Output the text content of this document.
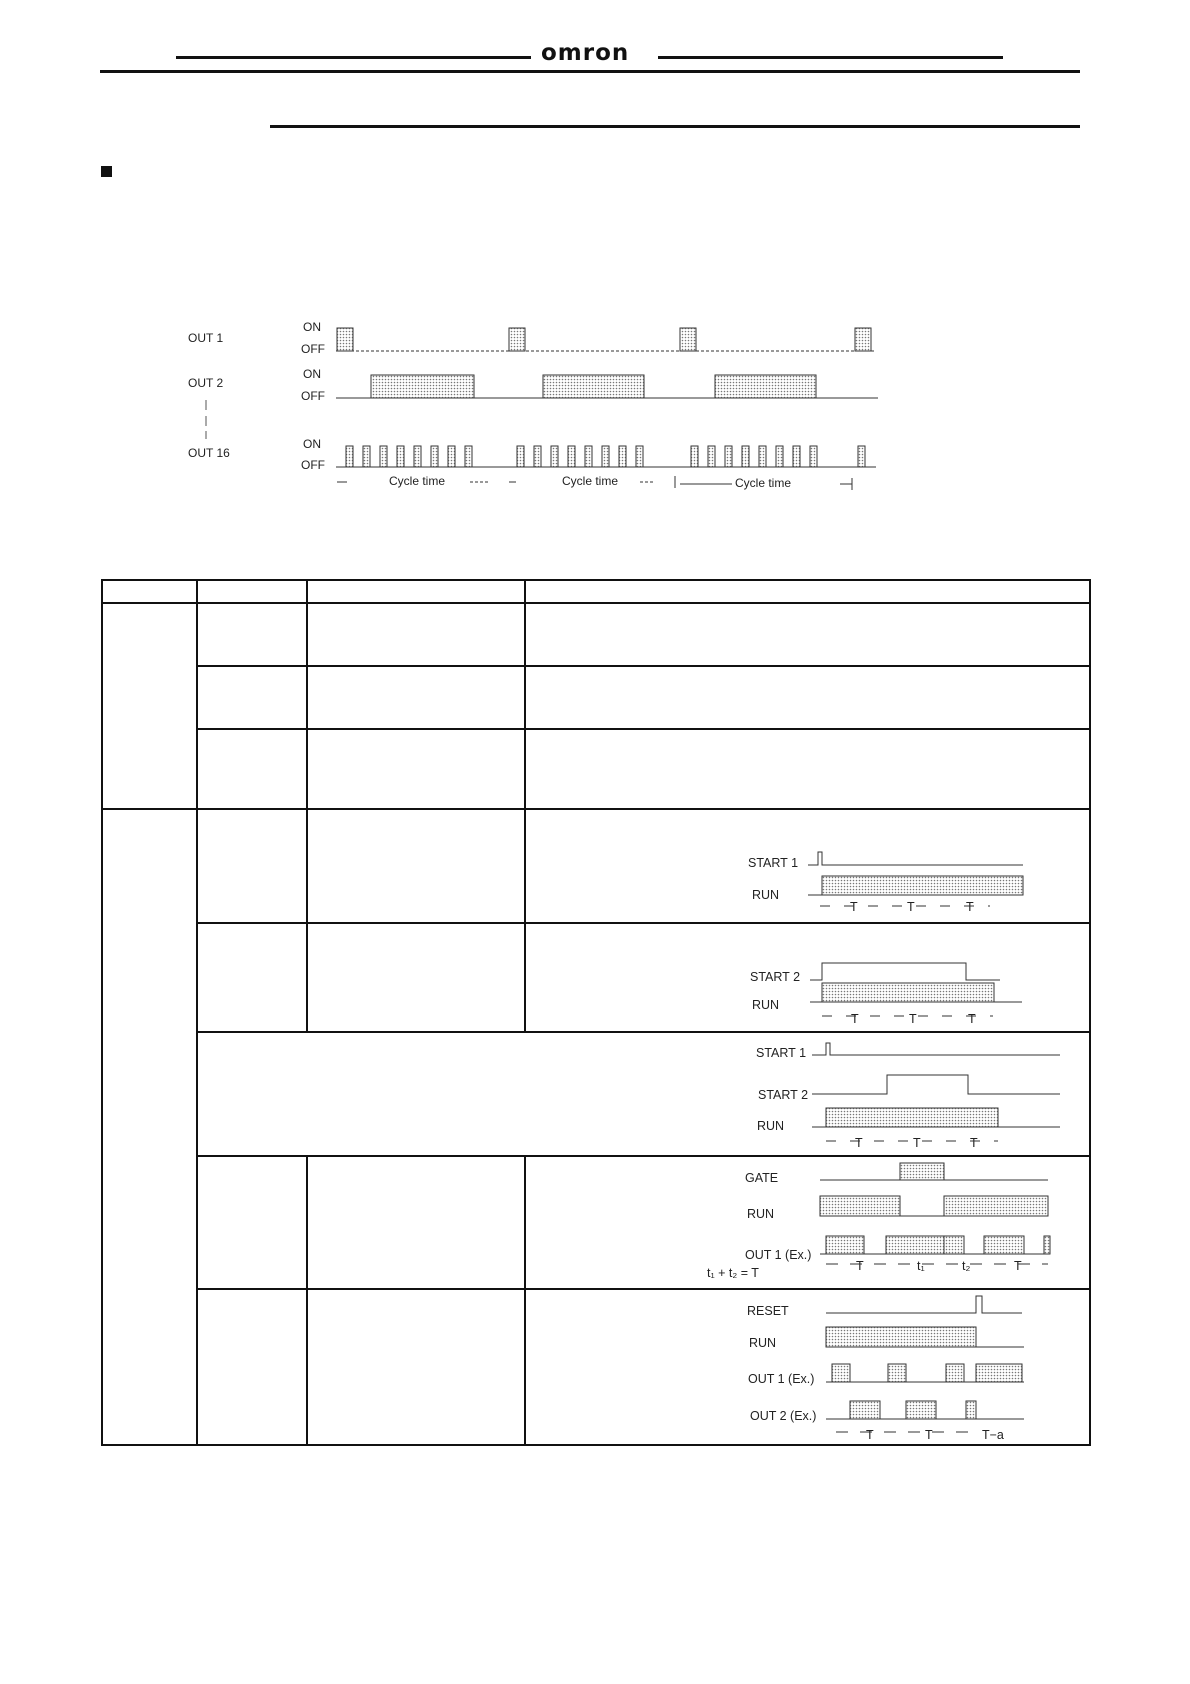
omron
OUT 1
OUT 2
OUT 16
ON
OFF
ON
OFF
ON
OFF
Cycle time	Cycle time	Cycle time
START 1
RUN
T	T	T
START 2
RUN
T	T	T
START 1
START 2
RUN
T	T	T
GATE
RUN
OUT 1 (Ex.)
t₁ + t₂ = T	T	t₁	t₂	T
RESET
RUN
OUT 1 (Ex.)
OUT 2 (Ex.)
T	T	T−a
